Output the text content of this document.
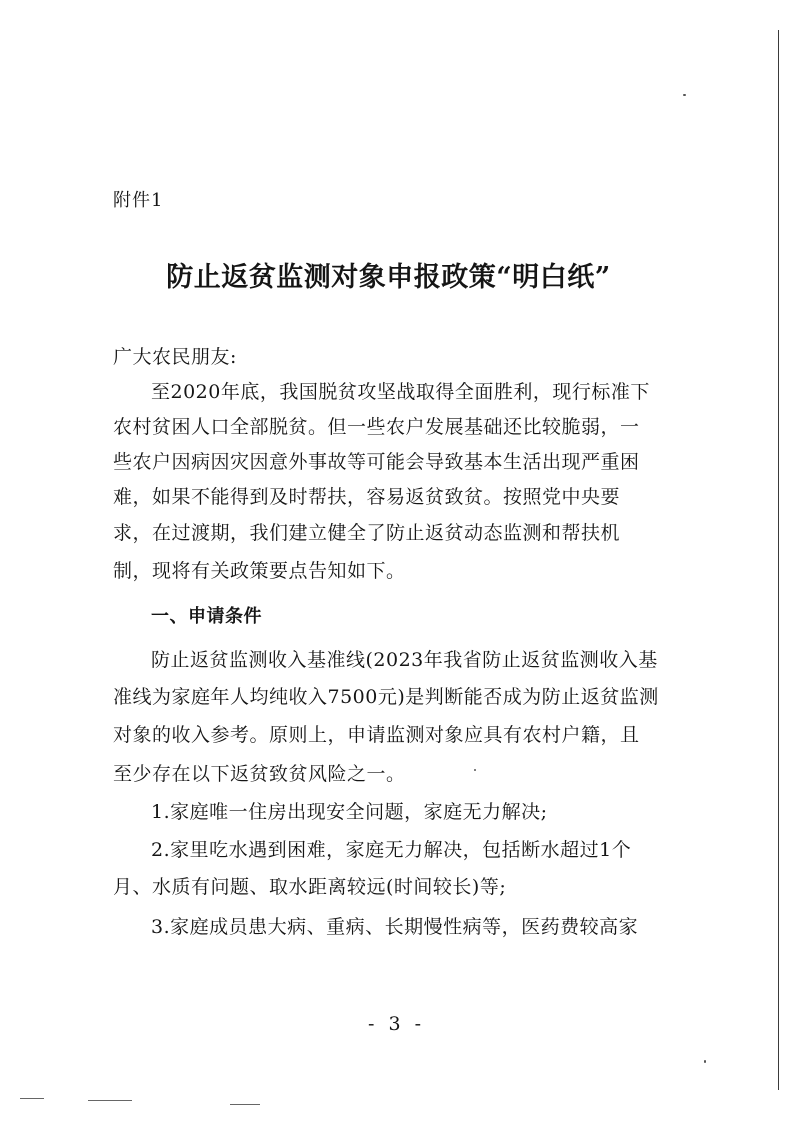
附件1
防止返贫监测对象申报政策“明白纸”
广大农民朋友:
至2020年底，我国脱贫攻坚战取得全面胜利，现行标准下
农村贫困人口全部脱贫。但一些农户发展基础还比较脆弱，一
些农户因病因灾因意外事故等可能会导致基本生活出现严重困
难，如果不能得到及时帮扶，容易返贫致贫。按照党中央要
求，在过渡期，我们建立健全了防止返贫动态监测和帮扶机
制，现将有关政策要点告知如下。
一、申请条件
防止返贫监测收入基准线(2023年我省防止返贫监测收入基
准线为家庭年人均纯收入7500元)是判断能否成为防止返贫监测
对象的收入参考。原则上，申请监测对象应具有农村户籍，且
至少存在以下返贫致贫风险之一。
1.家庭唯一住房出现安全问题，家庭无力解决;
2.家里吃水遇到困难，家庭无力解决，包括断水超过1个
月、水质有问题、取水距离较远(时间较长)等;
3.家庭成员患大病、重病、长期慢性病等，医药费较高家
- 3 -
